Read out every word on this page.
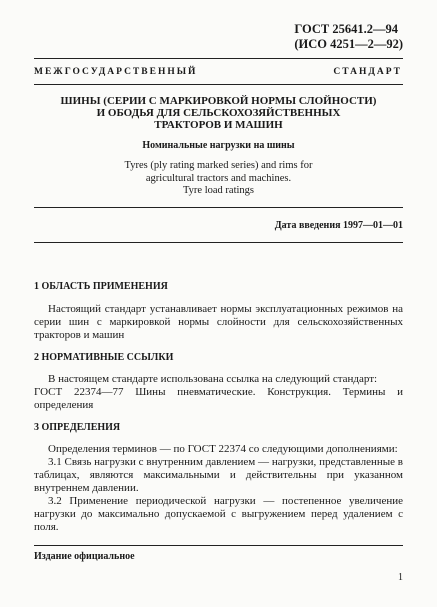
ГОСТ 25641.2—94
(ИСО 4251—2—92)
МЕЖГОСУДАРСТВЕННЫЙ СТАНДАРТ
ШИНЫ (СЕРИИ С МАРКИРОВКОЙ НОРМЫ СЛОЙНОСТИ)
И ОБОДЬЯ ДЛЯ СЕЛЬСКОХОЗЯЙСТВЕННЫХ
ТРАКТОРОВ И МАШИН
Номинальные нагрузки на шины
Tyres (ply rating marked series) and rims for
agricultural tractors and machines.
Tyre load ratings
Дата введения 1997—01—01
1 ОБЛАСТЬ ПРИМЕНЕНИЯ

Настоящий стандарт устанавливает нормы эксплуатационных режимов на серии шин с маркировкой нормы слойности для сельскохозяйственных тракторов и машин

2 НОРМАТИВНЫЕ ССЫЛКИ

В настоящем стандарте использована ссылка на следующий стандарт:

ГОСТ 22374—77 Шины пневматические. Конструкция. Термины и определения

3 ОПРЕДЕЛЕНИЯ

Определения терминов — по ГОСТ 22374 со следующими дополнениями:

3.1 Связь нагрузки с внутренним давлением — нагрузки, представленные в таблицах, являются максимальными и действительны при указанном внутреннем давлении.

3.2 Применение периодической нагрузки — постепенное увеличение нагрузки до максимально допускаемой с выгружением перед удалением с поля.

Издание официальное
1
